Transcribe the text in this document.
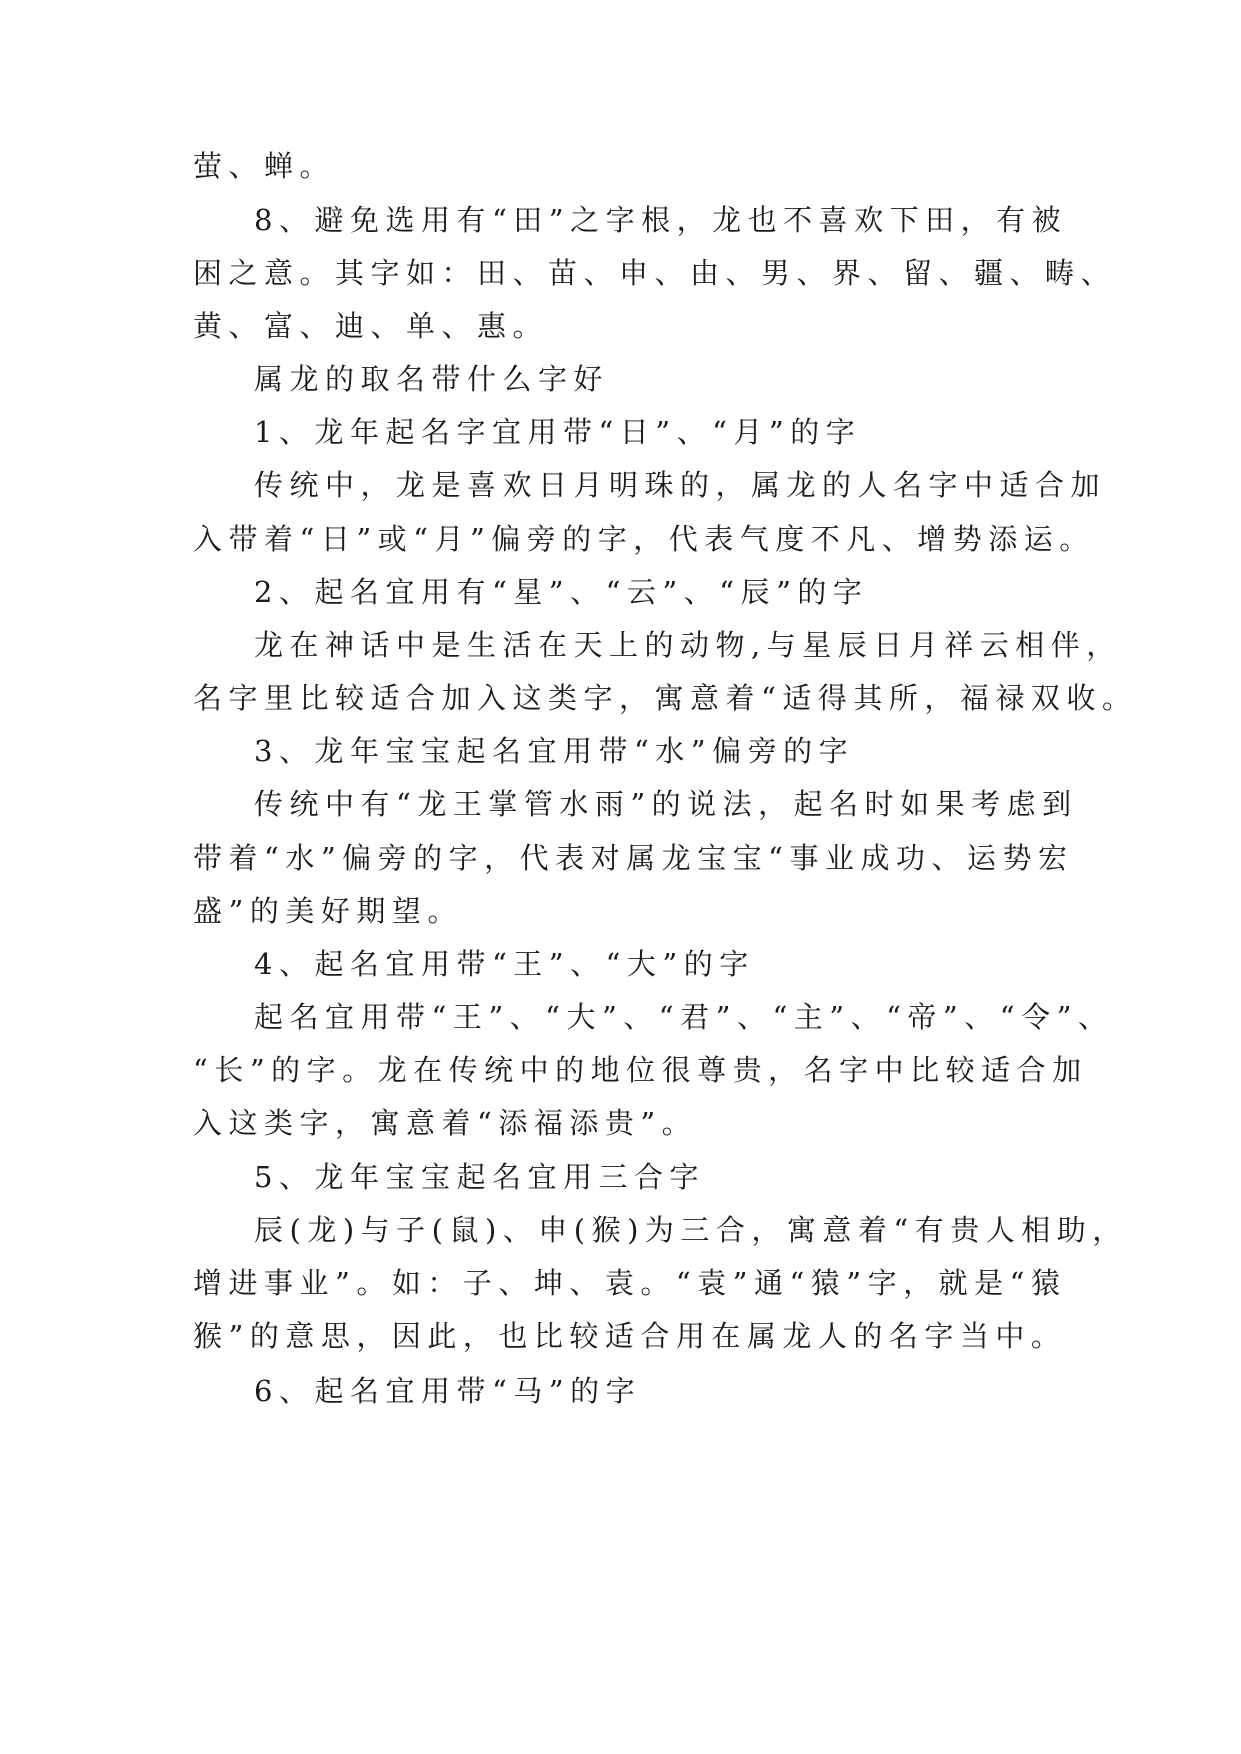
萤、蝉。
8、避免选用有“田”之字根，龙也不喜欢下田，有被
困之意。其字如：田、苗、申、由、男、界、留、疆、畴、
黄、富、迪、单、惠。
属龙的取名带什么字好
1、龙年起名字宜用带“日”、“月”的字
传统中，龙是喜欢日月明珠的，属龙的人名字中适合加
入带着“日”或“月”偏旁的字，代表气度不凡、增势添运。
2、起名宜用有“星”、“云”、“辰”的字
龙在神话中是生活在天上的动物,与星辰日月祥云相伴，
名字里比较适合加入这类字，寓意着“适得其所，福禄双收。
3、龙年宝宝起名宜用带“水”偏旁的字
传统中有“龙王掌管水雨”的说法，起名时如果考虑到
带着“水”偏旁的字，代表对属龙宝宝“事业成功、运势宏
盛”的美好期望。
4、起名宜用带“王”、“大”的字
起名宜用带“王”、“大”、“君”、“主”、“帝”、“令”、
“长”的字。龙在传统中的地位很尊贵，名字中比较适合加
入这类字，寓意着“添福添贵”。
5、龙年宝宝起名宜用三合字
辰(龙)与子(鼠)、申(猴)为三合，寓意着“有贵人相助，
增进事业”。如：子、坤、袁。“袁”通“猿”字，就是“猿
猴”的意思，因此，也比较适合用在属龙人的名字当中。
6、起名宜用带“马”的字
